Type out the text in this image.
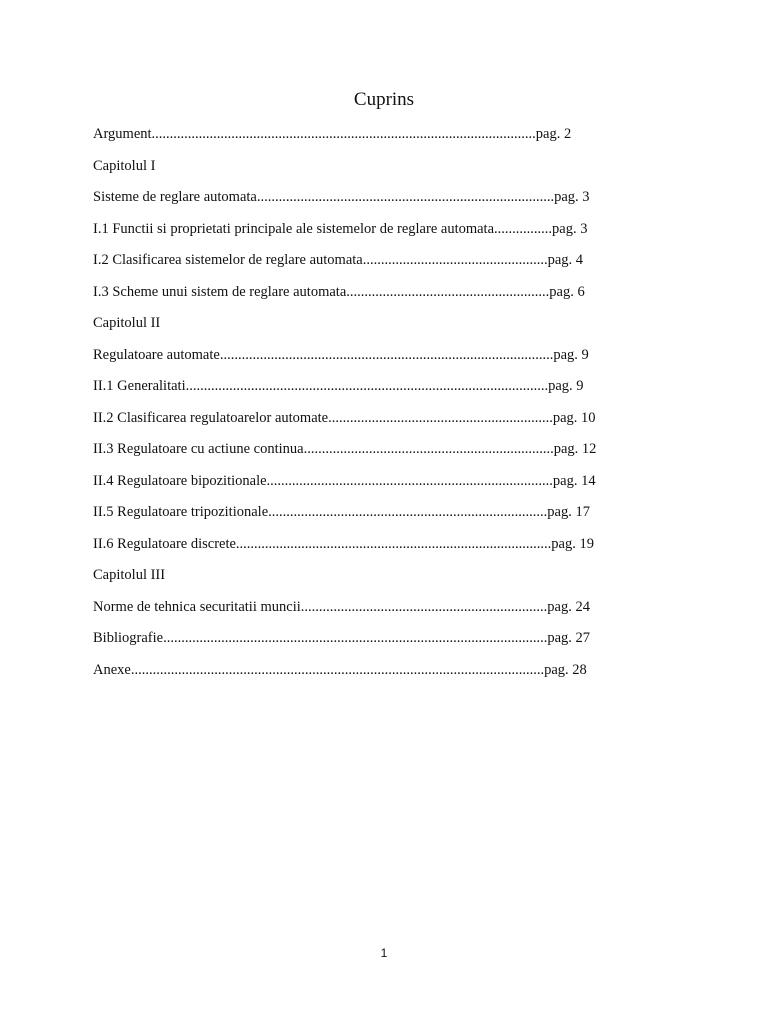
Cuprins
Argument .......................................................................................................... pag. 2
Capitolul I
Sisteme de reglare automata .................................................................................. pag. 3
I.1 Functii si proprietati principale ale sistemelor de reglare automata ................ pag. 3
I.2 Clasificarea sistemelor de reglare automata ................................................... pag. 4
I.3 Scheme unui sistem de reglare automata ........................................................ pag. 6
Capitolul II
Regulatoare automate ............................................................................................ pag. 9
II.1 Generalitati .................................................................................................... pag. 9
II.2 Clasificarea regulatoarelor automate .............................................................. pag. 10
II.3 Regulatoare cu actiune continua ..................................................................... pag. 12
II.4 Regulatoare bipozitionale ............................................................................... pag. 14
II.5 Regulatoare tripozitionale ............................................................................. pag. 17
II.6 Regulatoare discrete ....................................................................................... pag. 19
Capitolul III
Norme de tehnica securitatii muncii .................................................................... pag. 24
Bibliografie .......................................................................................................... pag. 27
Anexe .................................................................................................................. pag. 28
1
